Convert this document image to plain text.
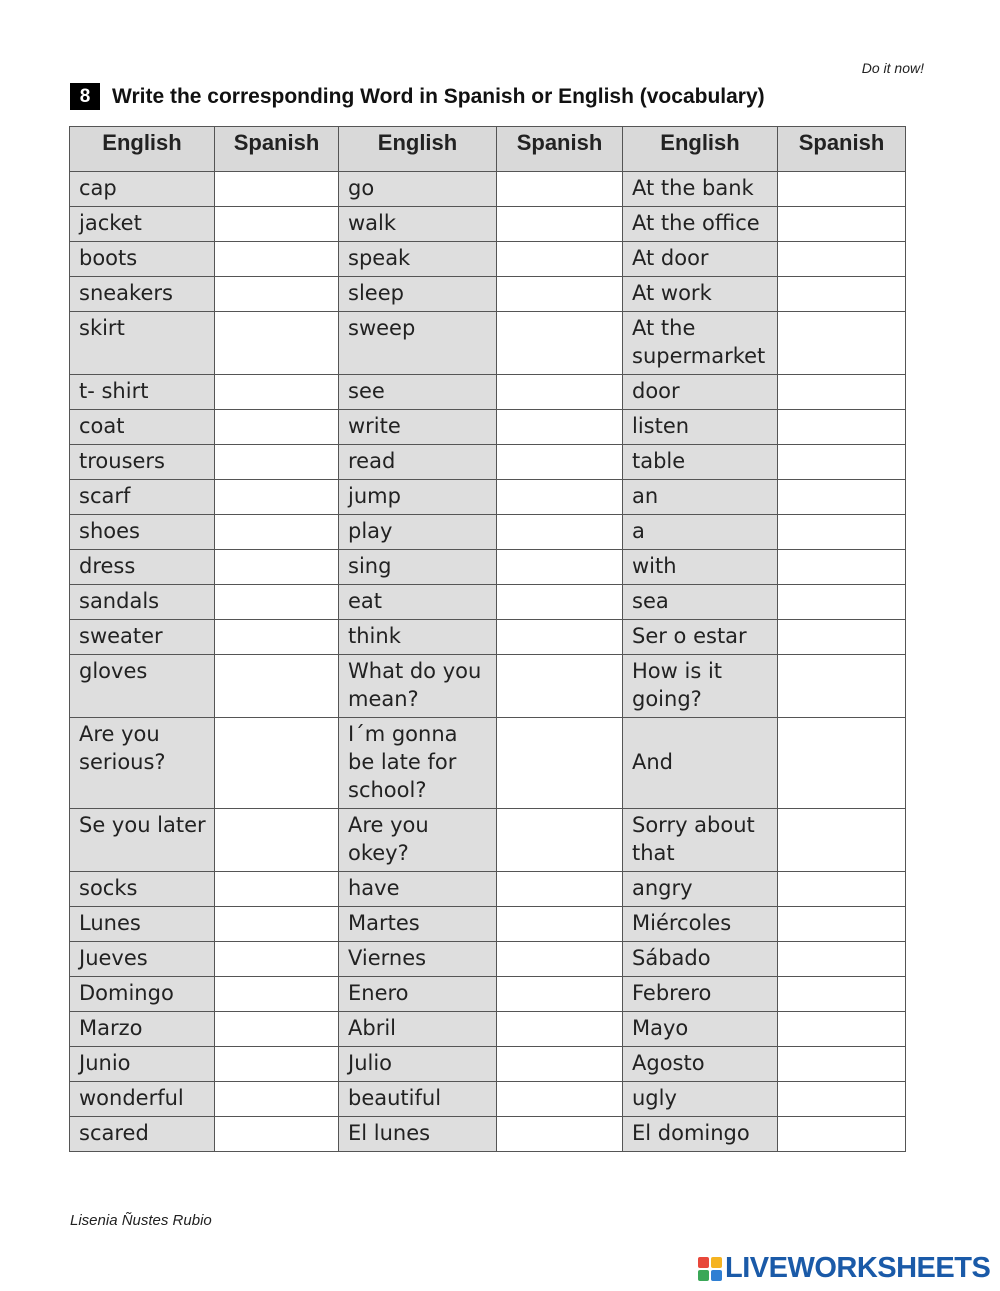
Do it now!
8	Write the corresponding Word in Spanish or English (vocabulary)
English	Spanish	English	Spanish	English	Spanish
cap		go		At the bank	
jacket		walk		At the office	
boots		speak		At door	
sneakers		sleep		At work	
skirt		sweep		At the supermarket	
t- shirt		see		door	
coat		write		listen	
trousers		read		table	
scarf		jump		an	
shoes		play		a	
dress		sing		with	
sandals		eat		sea	
sweater		think		Ser o estar	
gloves		What do you mean?		How is it going?	
Are you serious?		I´m gonna be late for school?		And	
Se you later		Are you okey?		Sorry about that	
socks		have		angry	
Lunes		Martes		Miércoles	
Jueves		Viernes		Sábado	
Domingo		Enero		Febrero	
Marzo		Abril		Mayo	
Junio		Julio		Agosto	
wonderful		beautiful		ugly	
scared		El lunes		El domingo	
Lisenia Ñustes Rubio
LIVEWORKSHEETS
